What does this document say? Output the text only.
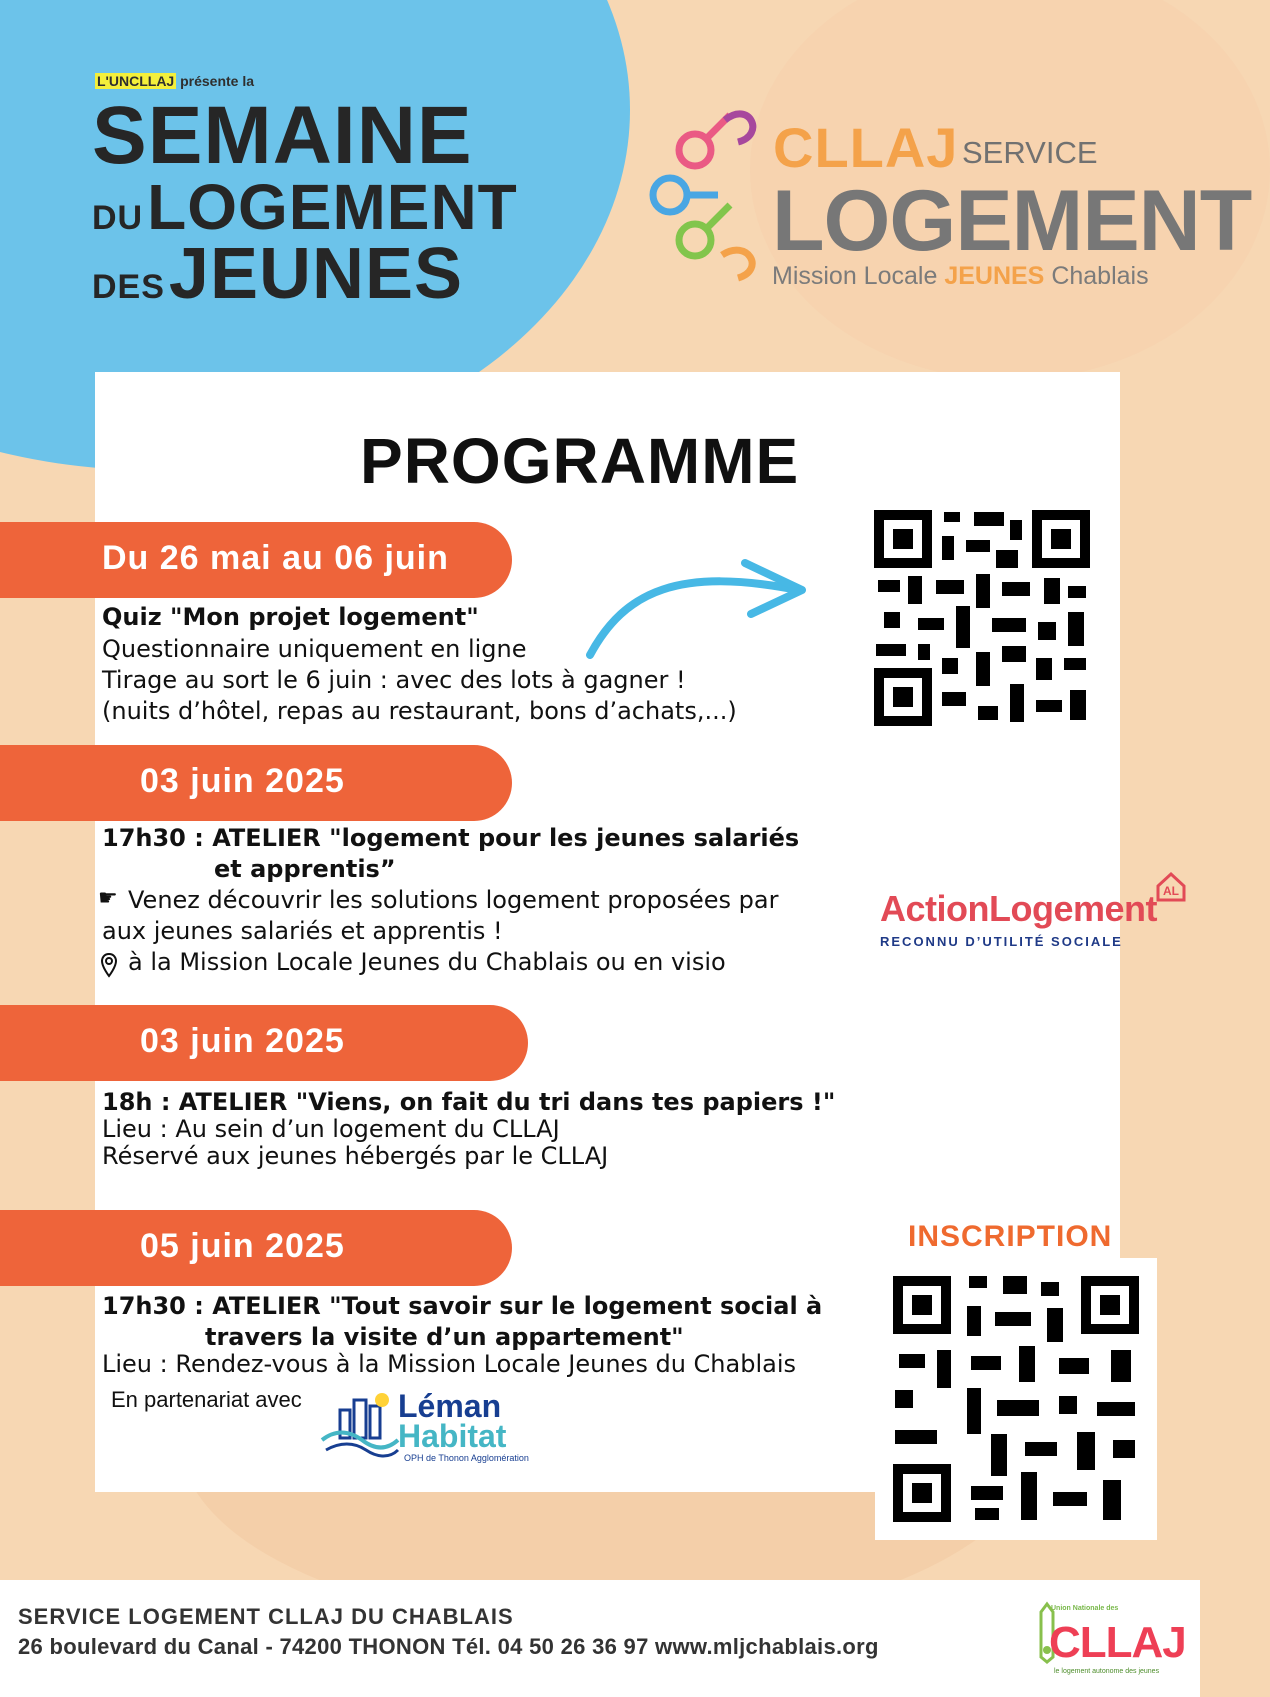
L'UNCLLAJ présente la
SEMAINE
DULOGEMENT
DESJEUNES
CLLAJ SERVICE
LOGEMENT
Mission Locale JEUNES Chablais
PROGRAMME
Du 26 mai au 06 juin
Quiz "Mon projet logement"
Questionnaire uniquement en ligne
Tirage au sort le 6 juin : avec des lots à gagner !
(nuits d’hôtel, repas au restaurant, bons d’achats,...)
03 juin 2025
17h30 : ATELIER "logement pour les jeunes salariés
et apprentis”
☛ Venez découvrir les solutions logement proposées par
aux jeunes salariés et apprentis !
à la Mission Locale Jeunes du Chablais ou en visio
ActionLogement
RECONNU D’UTILITÉ SOCIALE
AL
03 juin 2025
18h : ATELIER "Viens, on fait du tri dans tes papiers !"
Lieu : Au sein d’un logement du CLLAJ
Réservé aux jeunes hébergés par le CLLAJ
05 juin 2025
17h30 : ATELIER "Tout savoir sur le logement social à
travers la visite d’un appartement"
Lieu : Rendez-vous à la Mission Locale Jeunes du Chablais
En partenariat avec	Léman
Habitat
OPH de Thonon Agglomération
INSCRIPTION
SERVICE LOGEMENT CLLAJ DU CHABLAIS
26 boulevard du Canal - 74200 THONON Tél. 04 50 26 36 97 www.mljchablais.org
Union Nationale des
CLLAJ
le logement autonome des jeunes
